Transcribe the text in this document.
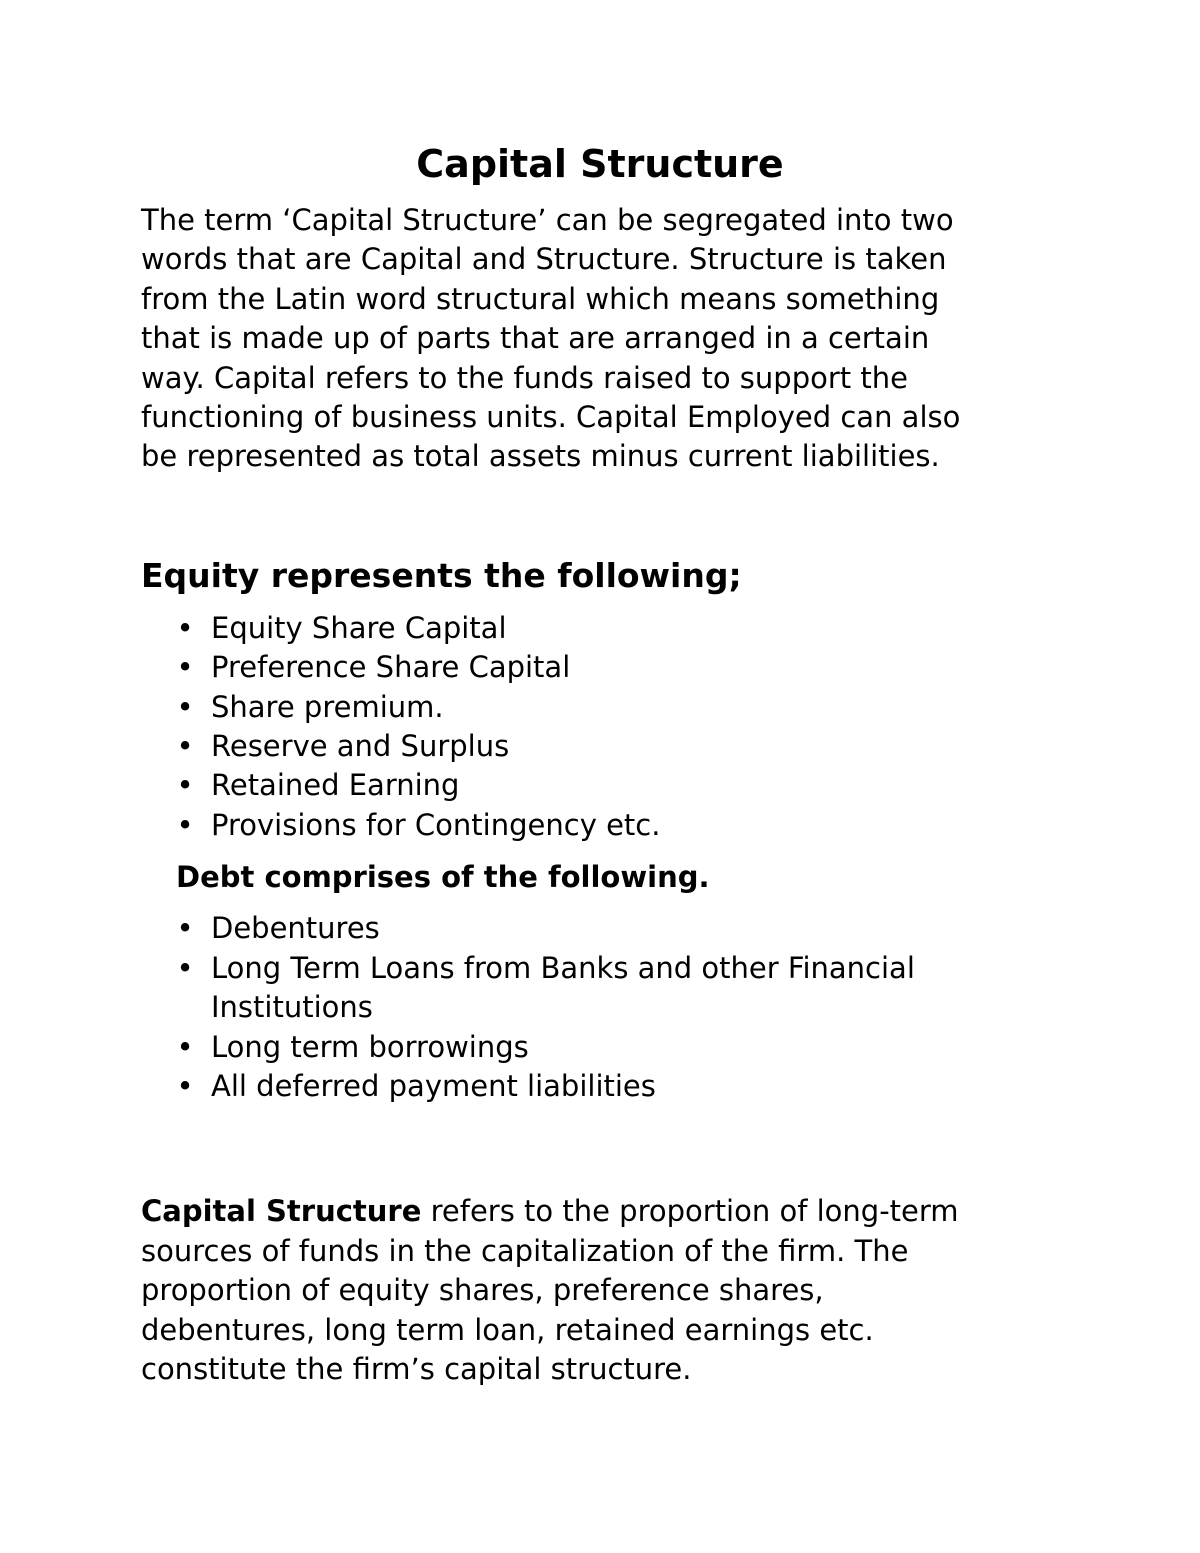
Capital Structure

The term ‘Capital Structure’ can be segregated into two
words that are Capital and Structure. Structure is taken
from the Latin word structural which means something
that is made up of parts that are arranged in a certain
way. Capital refers to the funds raised to support the
functioning of business units. Capital Employed can also
be represented as total assets minus current liabilities.

Equity represents the following;
• Equity Share Capital
• Preference Share Capital
• Share premium.
• Reserve and Surplus
• Retained Earning
• Provisions for Contingency etc.
Debt comprises of the following.
• Debentures
• Long Term Loans from Banks and other Financial
Institutions
• Long term borrowings
• All deferred payment liabilities

Capital Structure refers to the proportion of long-term
sources of funds in the capitalization of the firm. The
proportion of equity shares, preference shares,
debentures, long term loan, retained earnings etc.
constitute the firm’s capital structure.
